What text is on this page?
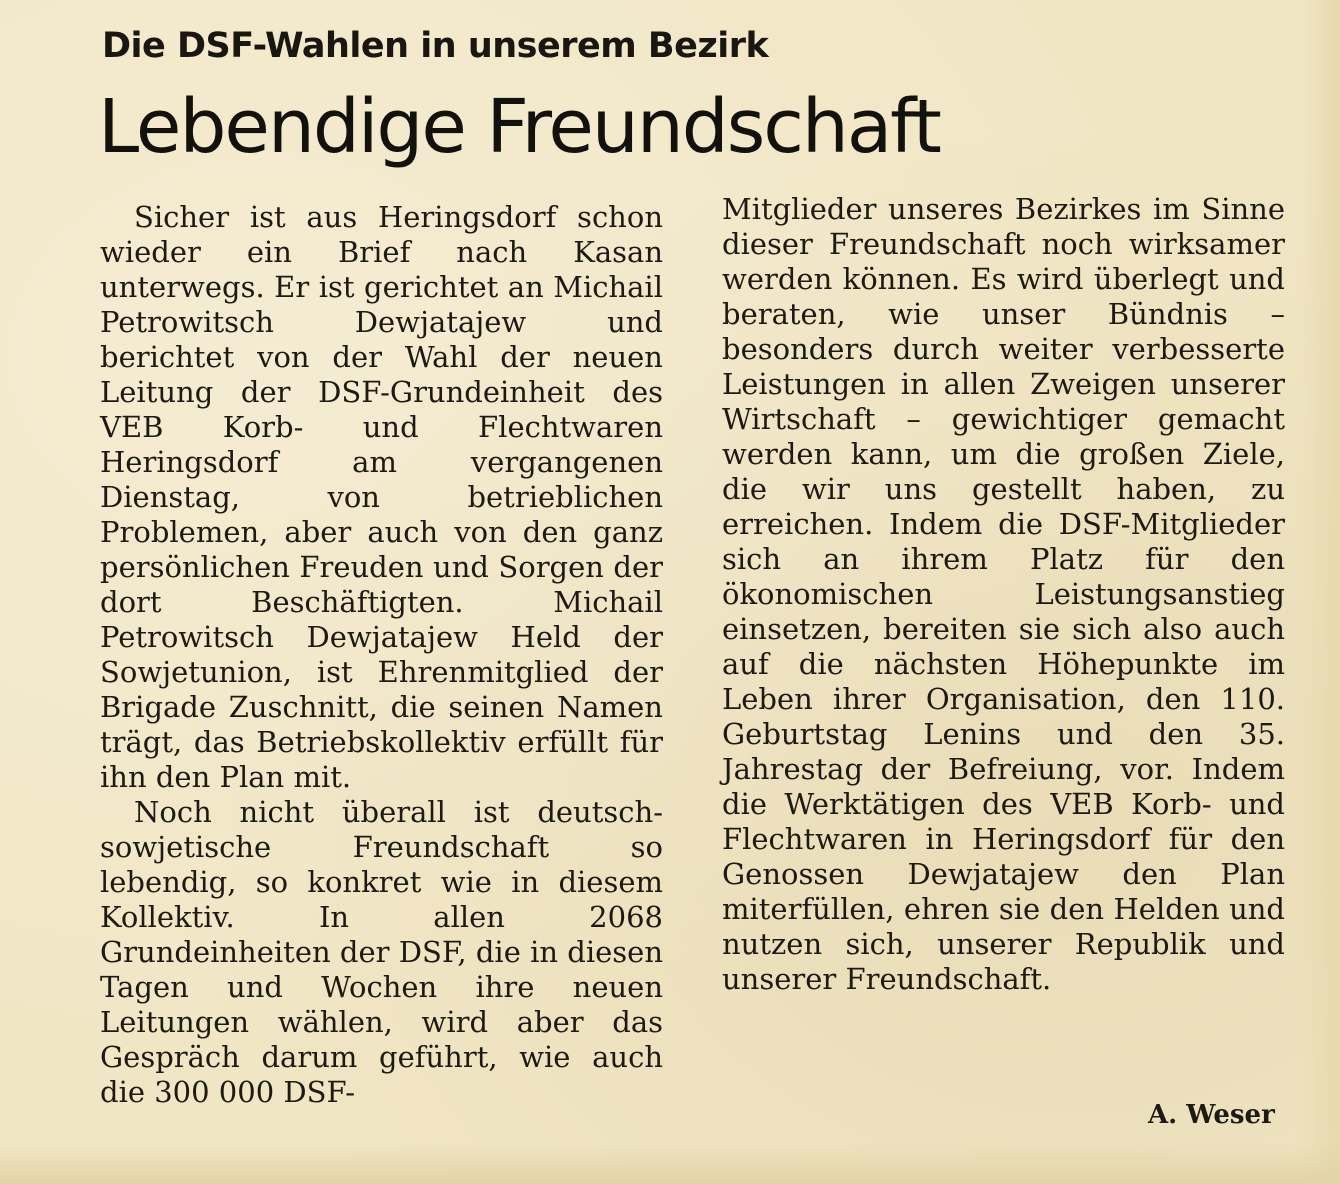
Die DSF-Wahlen in unserem Bezirk
Lebendige Freundschaft

Sicher ist aus Heringsdorf schon wieder ein Brief nach Kasan unterwegs. Er ist gerichtet an Michail Petrowitsch Dewjatajew und berichtet von der Wahl der neuen Leitung der DSF-Grundeinheit des VEB Korb- und Flechtwaren Heringsdorf am vergangenen Dienstag, von betrieblichen Problemen, aber auch von den ganz persönlichen Freuden und Sorgen der dort Beschäftigten. Michail Petrowitsch Dewjatajew Held der Sowjetunion, ist Ehrenmitglied der Brigade Zuschnitt, die seinen Namen trägt, das Betriebskollektiv erfüllt für ihn den Plan mit.

Noch nicht überall ist deutsch-sowjetische Freundschaft so lebendig, so konkret wie in diesem Kollektiv. In allen 2068 Grundeinheiten der DSF, die in diesen Tagen und Wochen ihre neuen Leitungen wählen, wird aber das Gespräch darum geführt, wie auch die 300 000 DSF-

Mitglieder unseres Bezirkes im Sinne dieser Freundschaft noch wirksamer werden können. Es wird überlegt und beraten, wie unser Bündnis – besonders durch weiter verbesserte Leistungen in allen Zweigen unserer Wirtschaft – gewichtiger gemacht werden kann, um die großen Ziele, die wir uns gestellt haben, zu erreichen. Indem die DSF-Mitglieder sich an ihrem Platz für den ökonomischen Leistungsanstieg einsetzen, bereiten sie sich also auch auf die nächsten Höhepunkte im Leben ihrer Organisation, den 110. Geburtstag Lenins und den 35. Jahrestag der Befreiung, vor. Indem die Werktätigen des VEB Korb- und Flechtwaren in Heringsdorf für den Genossen Dewjatajew den Plan miterfüllen, ehren sie den Helden und nutzen sich, unserer Republik und unserer Freundschaft.

A. Weser
